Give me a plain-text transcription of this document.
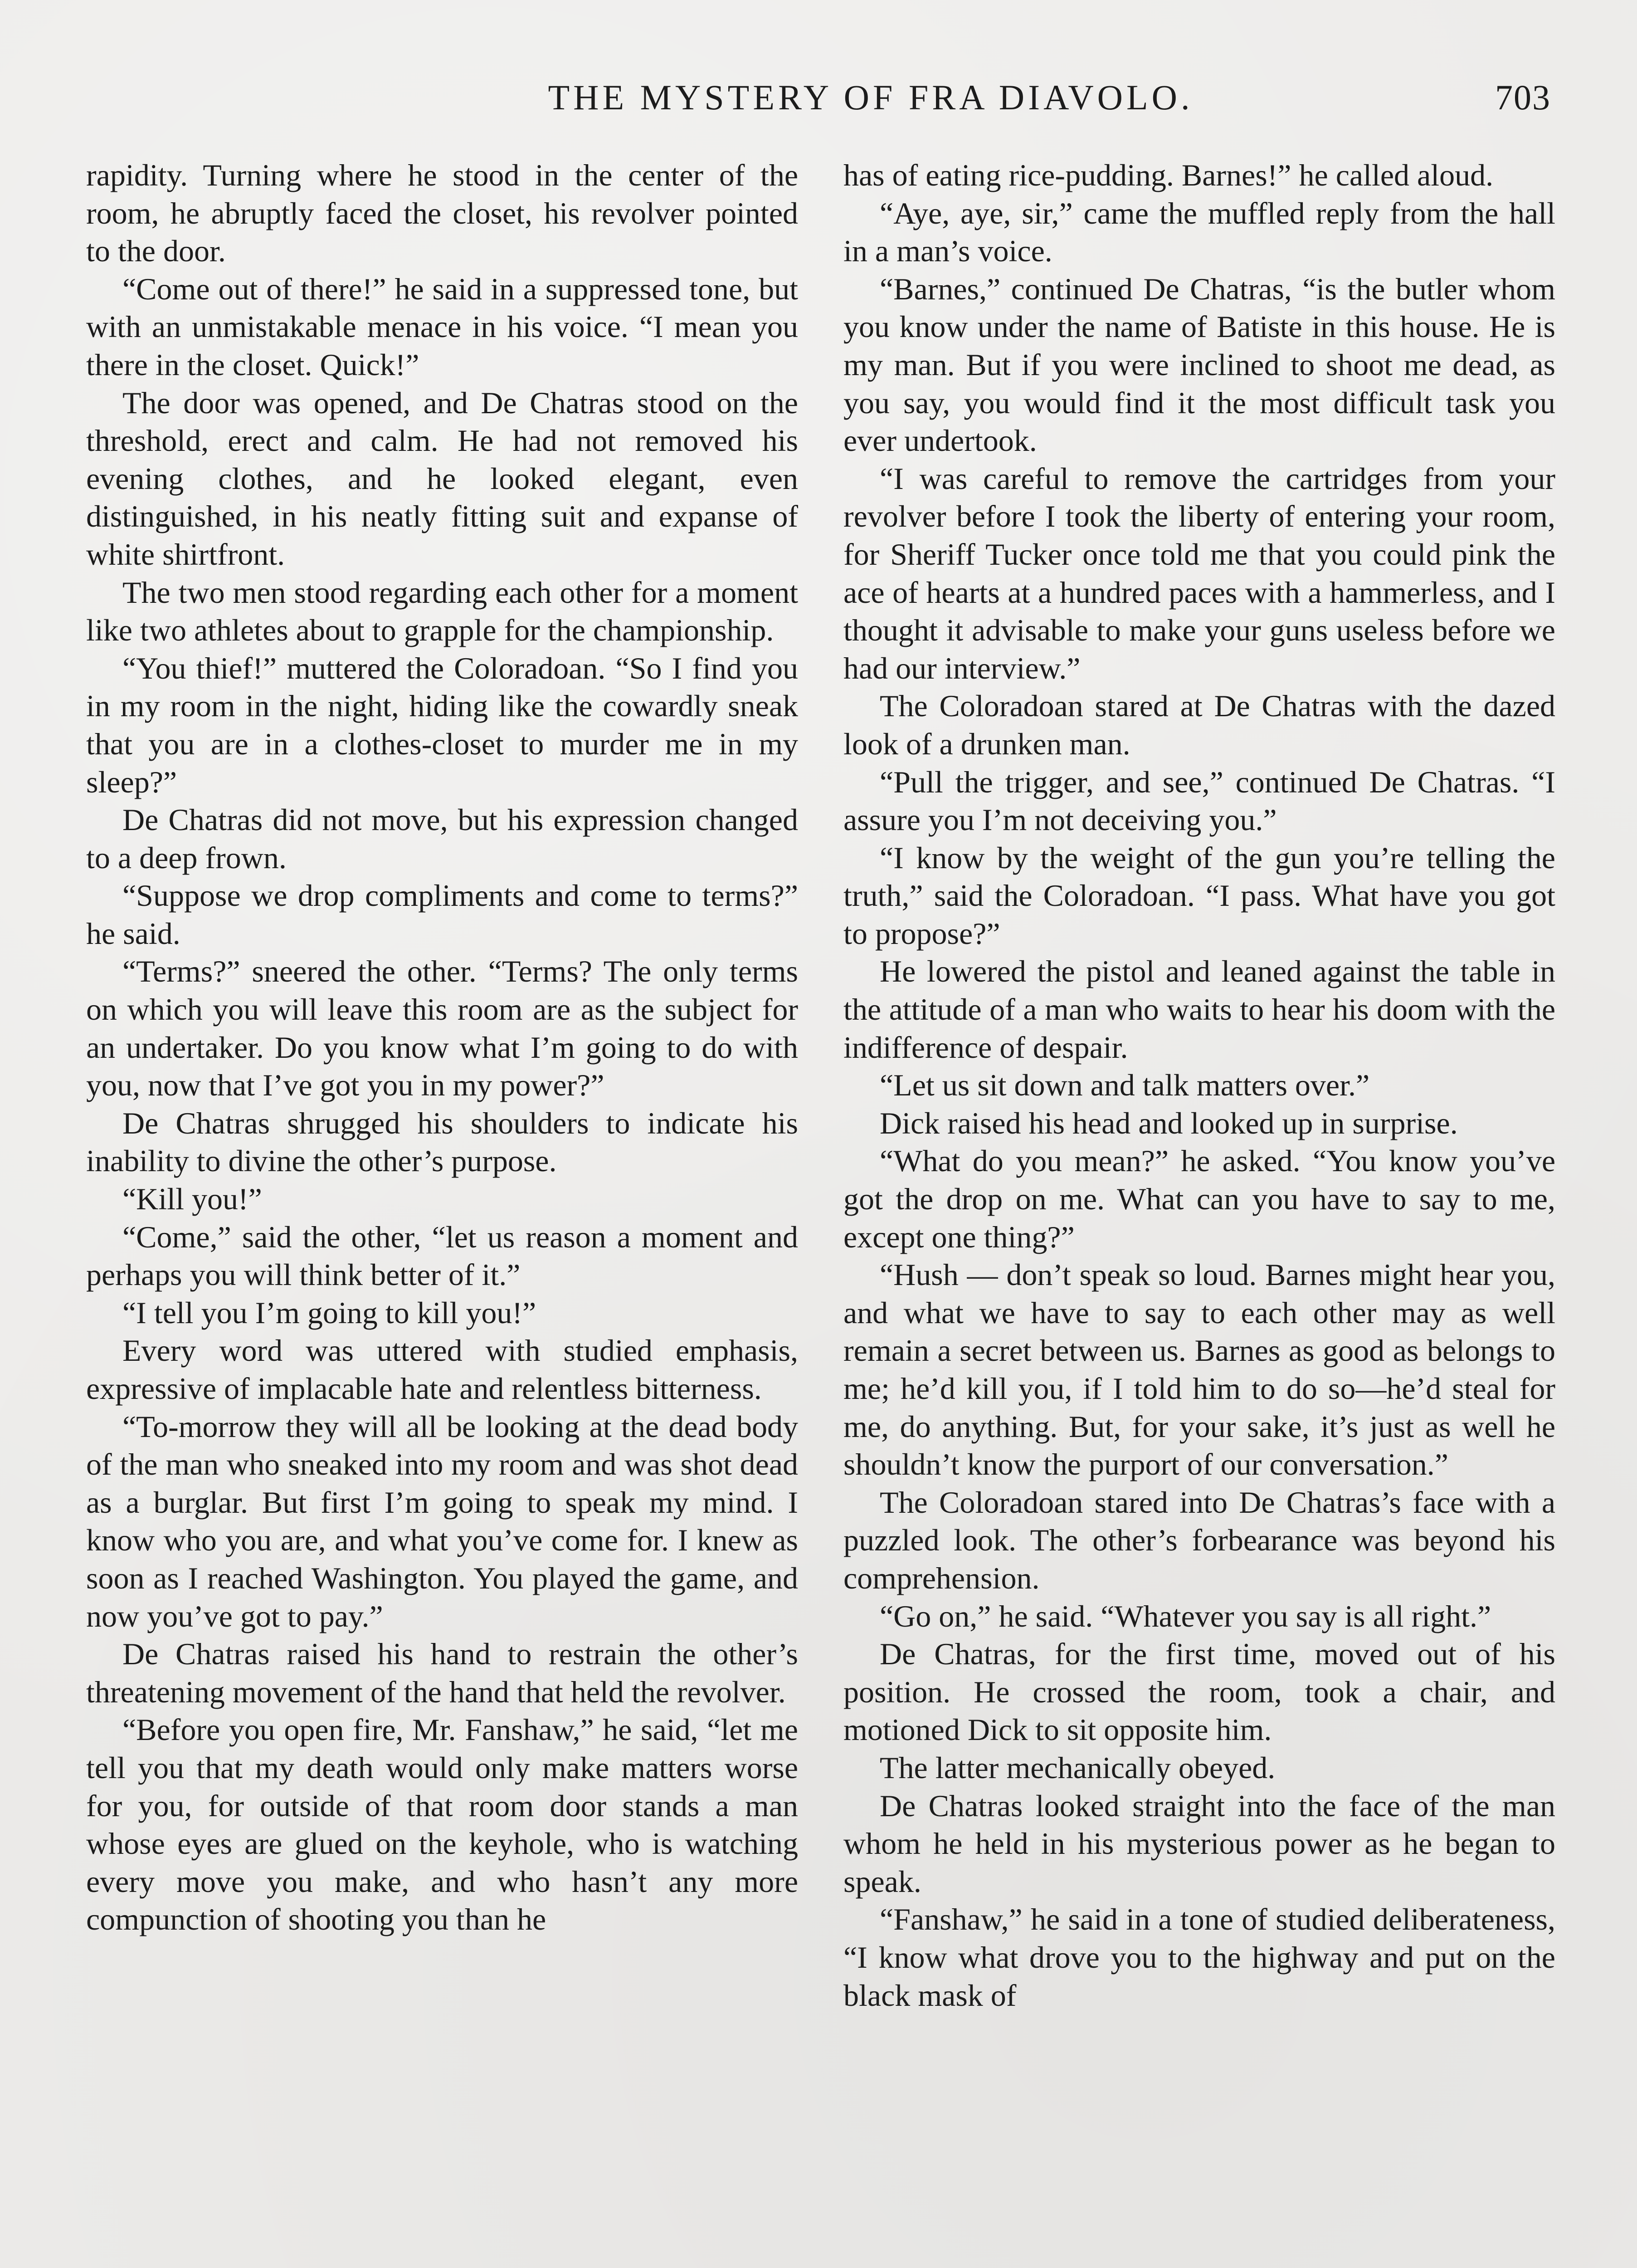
THE MYSTERY OF FRA DIAVOLO.	703

rapidity. Turning where he stood in the center of the room, he abruptly faced the closet, his revolver pointed to the door.

“Come out of there!” he said in a suppressed tone, but with an unmistakable menace in his voice. “I mean you there in the closet. Quick!”

The door was opened, and De Chatras stood on the threshold, erect and calm. He had not removed his evening clothes, and he looked elegant, even distinguished, in his neatly fitting suit and expanse of white shirtfront.

The two men stood regarding each other for a moment like two athletes about to grapple for the championship.

“You thief!” muttered the Coloradoan. “So I find you in my room in the night, hiding like the cowardly sneak that you are in a clothes-closet to murder me in my sleep?”

De Chatras did not move, but his expression changed to a deep frown.

“Suppose we drop compliments and come to terms?” he said.

“Terms?” sneered the other. “Terms? The only terms on which you will leave this room are as the subject for an undertaker. Do you know what I’m going to do with you, now that I’ve got you in my power?”

De Chatras shrugged his shoulders to indicate his inability to divine the other’s purpose.

“Kill you!”

“Come,” said the other, “let us reason a moment and perhaps you will think better of it.”

“I tell you I’m going to kill you!”

Every word was uttered with studied emphasis, expressive of implacable hate and relentless bitterness.

“To-morrow they will all be looking at the dead body of the man who sneaked into my room and was shot dead as a burglar. But first I’m going to speak my mind. I know who you are, and what you’ve come for. I knew as soon as I reached Washington. You played the game, and now you’ve got to pay.”

De Chatras raised his hand to restrain the other’s threatening movement of the hand that held the revolver.

“Before you open fire, Mr. Fanshaw,” he said, “let me tell you that my death would only make matters worse for you, for outside of that room door stands a man whose eyes are glued on the keyhole, who is watching every move you make, and who hasn’t any more compunction of shooting you than he

has of eating rice-pudding. Barnes!” he called aloud.

“Aye, aye, sir,” came the muffled reply from the hall in a man’s voice.

“Barnes,” continued De Chatras, “is the butler whom you know under the name of Batiste in this house. He is my man. But if you were inclined to shoot me dead, as you say, you would find it the most difficult task you ever undertook.

“I was careful to remove the cartridges from your revolver before I took the liberty of entering your room, for Sheriff Tucker once told me that you could pink the ace of hearts at a hundred paces with a hammerless, and I thought it advisable to make your guns useless before we had our interview.”

The Coloradoan stared at De Chatras with the dazed look of a drunken man.

“Pull the trigger, and see,” continued De Chatras. “I assure you I’m not deceiving you.”

“I know by the weight of the gun you’re telling the truth,” said the Coloradoan. “I pass. What have you got to propose?”

He lowered the pistol and leaned against the table in the attitude of a man who waits to hear his doom with the indifference of despair.

“Let us sit down and talk matters over.”

Dick raised his head and looked up in surprise.

“What do you mean?” he asked. “You know you’ve got the drop on me. What can you have to say to me, except one thing?”

“Hush — don’t speak so loud. Barnes might hear you, and what we have to say to each other may as well remain a secret between us. Barnes as good as belongs to me; he’d kill you, if I told him to do so—he’d steal for me, do anything. But, for your sake, it’s just as well he shouldn’t know the purport of our conversation.”

The Coloradoan stared into De Chatras’s face with a puzzled look. The other’s forbearance was beyond his comprehension.

“Go on,” he said. “Whatever you say is all right.”

De Chatras, for the first time, moved out of his position. He crossed the room, took a chair, and motioned Dick to sit opposite him.

The latter mechanically obeyed.

De Chatras looked straight into the face of the man whom he held in his mysterious power as he began to speak.

“Fanshaw,” he said in a tone of studied deliberateness, “I know what drove you to the highway and put on the black mask of
